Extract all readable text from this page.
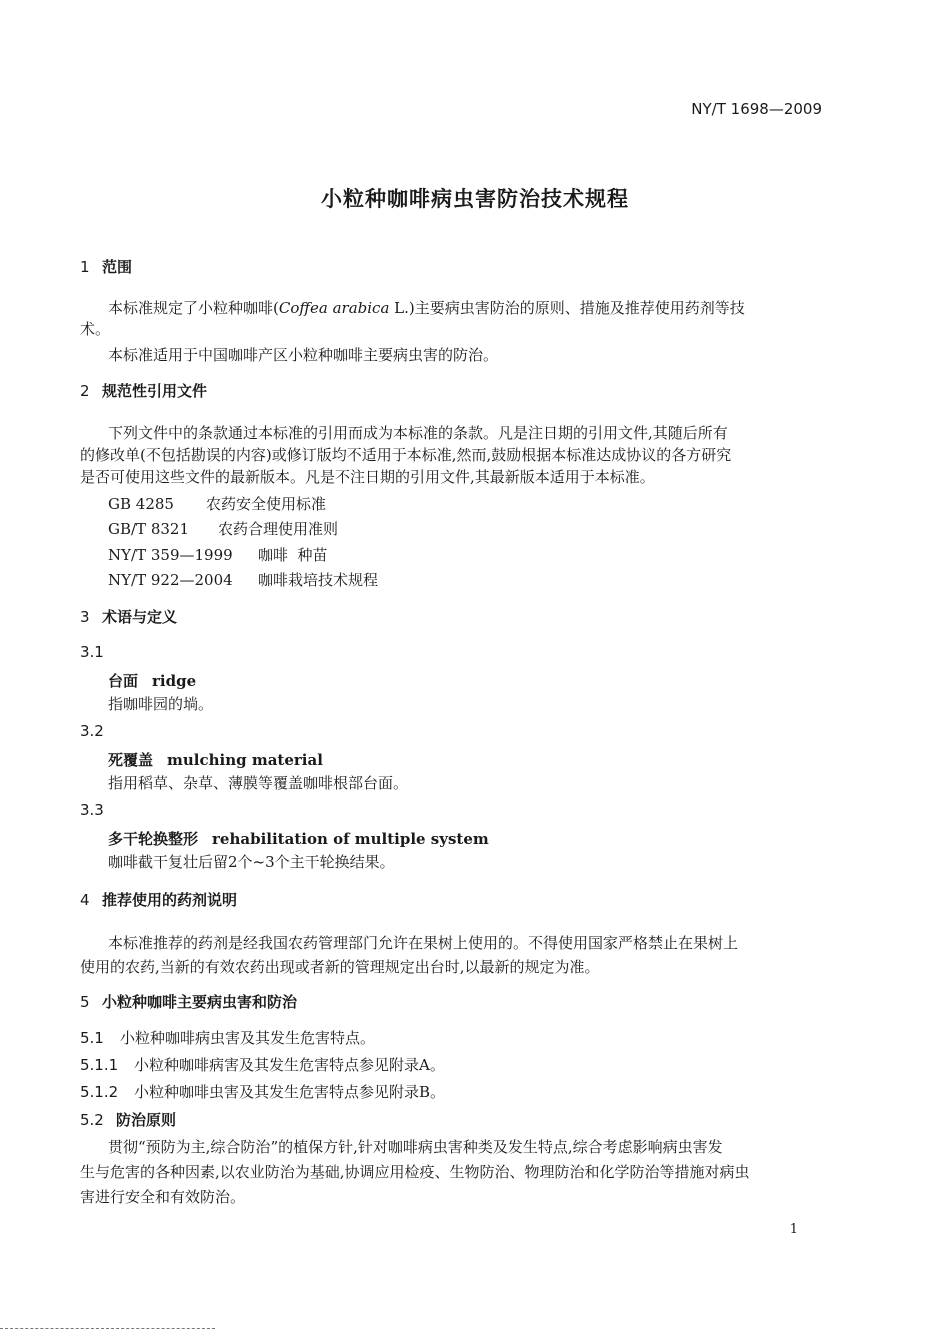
NY/T 1698—2009
小粒种咖啡病虫害防治技术规程
1 范围
本标准规定了小粒种咖啡(Coffea arabica L.)主要病虫害防治的原则、措施及推荐使用药剂等技
术。
本标准适用于中国咖啡产区小粒种咖啡主要病虫害的防治。
2 规范性引用文件
下列文件中的条款通过本标准的引用而成为本标准的条款。凡是注日期的引用文件,其随后所有
的修改单(不包括勘误的内容)或修订版均不适用于本标准,然而,鼓励根据本标准达成协议的各方研究
是否可使用这些文件的最新版本。凡是不注日期的引用文件,其最新版本适用于本标准。
GB 4285 农药安全使用标准
GB/T 8321 农药合理使用准则
NY/T 359—1999 咖啡  种苗
NY/T 922—2004 咖啡栽培技术规程
3 术语与定义
3.1
台面 ridge
指咖啡园的埫。
3.2
死覆盖 mulching material
指用稻草、杂草、薄膜等覆盖咖啡根部台面。
3.3
多干轮换整形 rehabilitation of multiple system
咖啡截干复壮后留2个~3个主干轮换结果。
4 推荐使用的药剂说明
本标准推荐的药剂是经我国农药管理部门允许在果树上使用的。不得使用国家严格禁止在果树上
使用的农药,当新的有效农药出现或者新的管理规定出台时,以最新的规定为准。
5 小粒种咖啡主要病虫害和防治
5.1 小粒种咖啡病虫害及其发生危害特点。
5.1.1 小粒种咖啡病害及其发生危害特点参见附录A。
5.1.2 小粒种咖啡虫害及其发生危害特点参见附录B。
5.2 防治原则
贯彻“预防为主,综合防治”的植保方针,针对咖啡病虫害种类及发生特点,综合考虑影响病虫害发
生与危害的各种因素,以农业防治为基础,协调应用检疫、生物防治、物理防治和化学防治等措施对病虫
害进行安全和有效防治。
1
